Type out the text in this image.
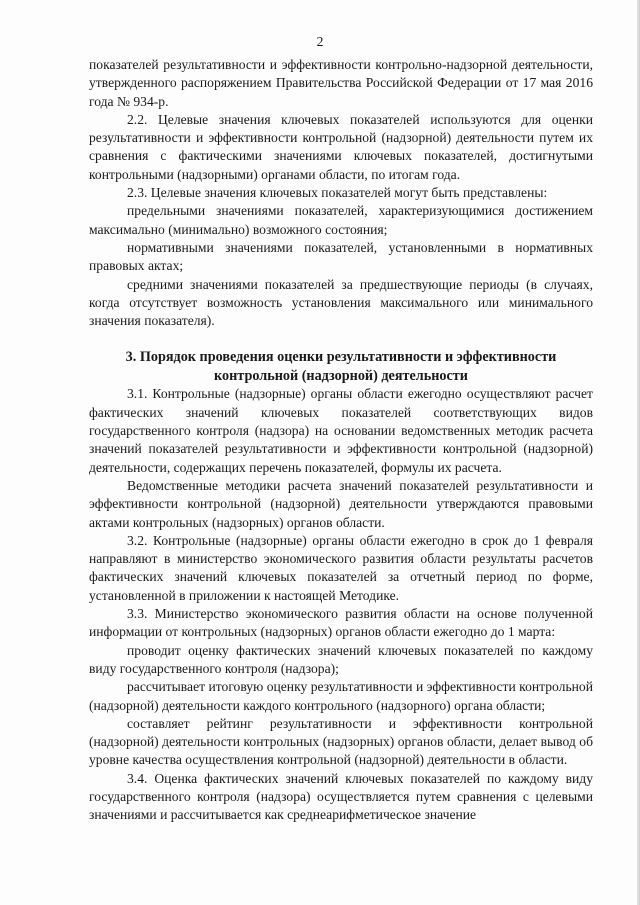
2

показателей результативности и эффективности контрольно-надзорной деятельности, утвержденного распоряжением Правительства Российской Федерации от 17 мая 2016 года № 934-р.

2.2. Целевые значения ключевых показателей используются для оценки результативности и эффективности контрольной (надзорной) деятельности путем их сравнения с фактическими значениями ключевых показателей, достигнутыми контрольными (надзорными) органами области, по итогам года.

2.3. Целевые значения ключевых показателей могут быть представлены:

предельными значениями показателей, характеризующимися достижением максимально (минимально) возможного состояния;

нормативными значениями показателей, установленными в нормативных правовых актах;

средними значениями показателей за предшествующие периоды (в случаях, когда отсутствует возможность установления максимального или минимального значения показателя).

3. Порядок проведения оценки результативности и эффективности
контрольной (надзорной) деятельности

3.1. Контрольные (надзорные) органы области ежегодно осуществляют расчет фактических значений ключевых показателей соответствующих видов государственного контроля (надзора) на основании ведомственных методик расчета значений показателей результативности и эффективности контрольной (надзорной) деятельности, содержащих перечень показателей, формулы их расчета.

Ведомственные методики расчета значений показателей результативности и эффективности контрольной (надзорной) деятельности утверждаются правовыми актами контрольных (надзорных) органов области.

3.2. Контрольные (надзорные) органы области ежегодно в срок до 1 февраля направляют в министерство экономического развития области результаты расчетов фактических значений ключевых показателей за отчетный период по форме, установленной в приложении к настоящей Методике.

3.3. Министерство экономического развития области на основе полученной информации от контрольных (надзорных) органов области ежегодно до 1 марта:

проводит оценку фактических значений ключевых показателей по каждому виду государственного контроля (надзора);

рассчитывает итоговую оценку результативности и эффективности контрольной (надзорной) деятельности каждого контрольного (надзорного) органа области;

составляет рейтинг результативности и эффективности контрольной (надзорной) деятельности контрольных (надзорных) органов области, делает вывод об уровне качества осуществления контрольной (надзорной) деятельности в области.

3.4. Оценка фактических значений ключевых показателей по каждому виду государственного контроля (надзора) осуществляется путем сравнения с целевыми значениями и рассчитывается как среднеарифметическое значение
